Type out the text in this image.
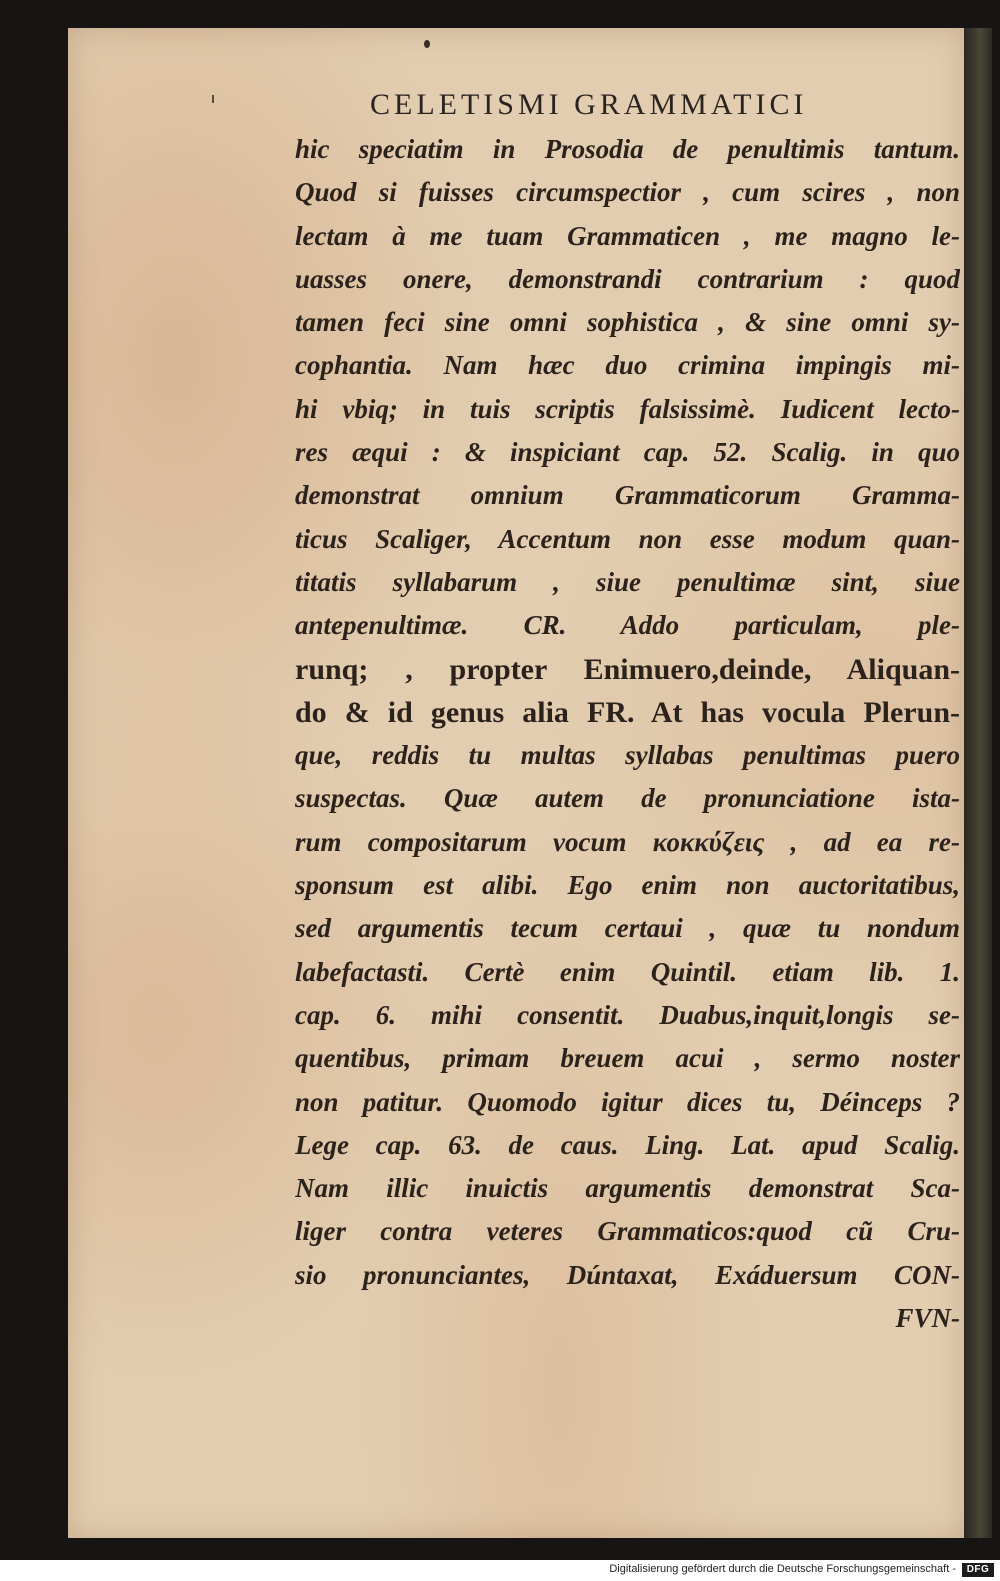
CELETISMI GRAMMATICI
hic speciatim in Prosodia de penultimis tantum.
Quod si fuisses circumspectior , cum scires , non
lectam à me tuam Grammaticen , me magno le-
uasses onere, demonstrandi contrarium : quod
tamen feci sine omni sophistica , & sine omni sy-
cophantia. Nam hæc duo crimina impingis mi-
hi vbiq; in tuis scriptis falsissimè. Iudicent lecto-
res æqui : & inspiciant cap. 52. Scalig. in quo
demonstrat omnium Grammaticorum Gramma-
ticus Scaliger, Accentum non esse modum quan-
titatis syllabarum , siue penultimæ sint, siue
antepenultimæ. CR. Addo particulam, ple-
runq; , propter Enimuero,deinde, Aliquan-
do & id genus alia FR. At has vocula Plerun-
que, reddis tu multas syllabas penultimas puero
suspectas. Quæ autem de pronunciatione ista-
rum compositarum vocum κοκκύζεις , ad ea re-
sponsum est alibi. Ego enim non auctoritatibus,
sed argumentis tecum certaui , quæ tu nondum
labefactasti. Certè enim Quintil. etiam lib. 1.
cap. 6. mihi consentit. Duabus,inquit,longis se-
quentibus, primam breuem acui , sermo noster
non patitur. Quomodo igitur dices tu, Déinceps ?
Lege cap. 63. de caus. Ling. Lat. apud Scalig.
Nam illic inuictis argumentis demonstrat Sca-
liger contra veteres Grammaticos:quod cũ Cru-
sio pronunciantes, Dúntaxat, Exáduersum CON-
FVN-
Digitalisierung gefördert durch die Deutsche Forschungsgemeinschaft -	DFG
